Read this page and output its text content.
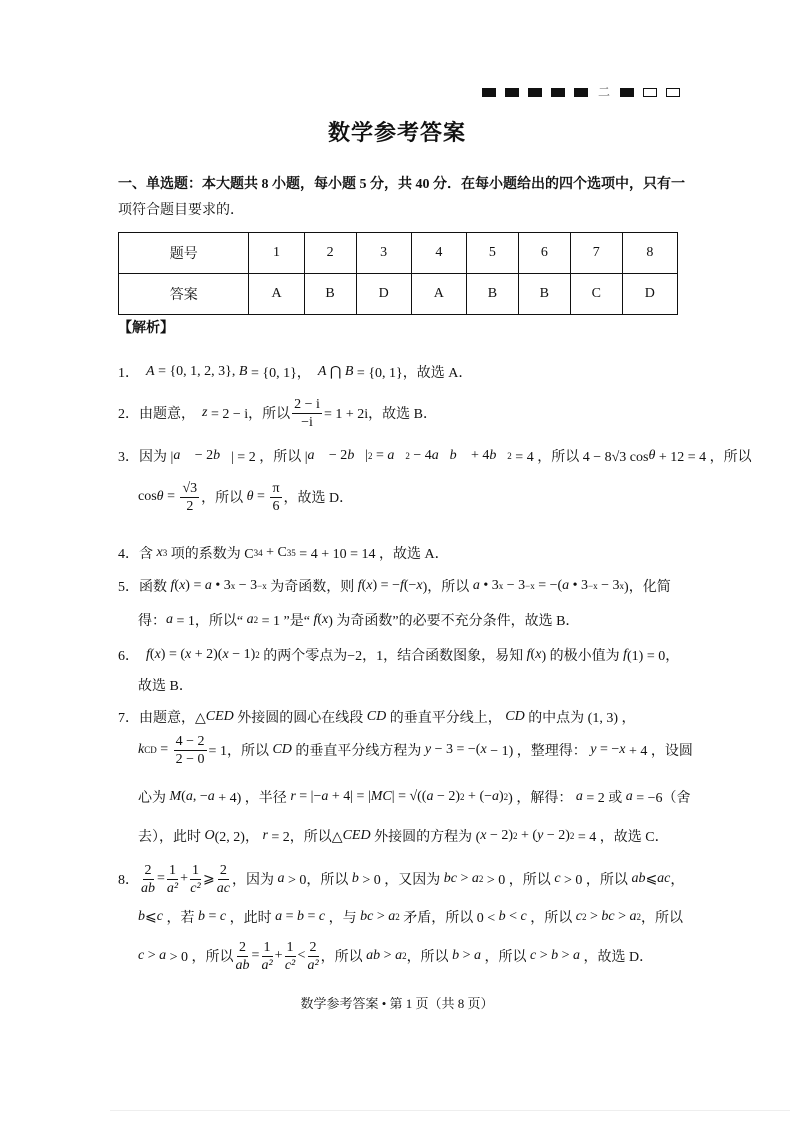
二
数学参考答案
一、单选题：本大题共 8 小题，每小题 5 分，共 40 分．在每小题给出的四个选项中，只有一
项符合题目要求的．
题号	1	2	3	4	5	6	7	8
答案	A	B	D	A	B	B	C	D
【解析】
1． A = {0, 1, 2, 3}, B = {0, 1}， A ⋂ B = {0, 1}，故选 A．
2．由题意， z = 2 − i，所以 $\frac{2 - i}{-i} = 1 + 2i$，故选 B．
3．因为 | a⃗ − 2 b⃗ | = 2 ，所以 | a⃗ − 2 b⃗ | 2 = a⃗ 2 − 4 a⃗b⃗ + 4 b⃗ 2 = 4 ，所以 4 − 8√3 cos θ + 12 = 4 ，所以
$\cos \theta = \frac{√3}{2}$ ，所以 $\theta = \frac{\pi}{6}$ ，故选 D．
4．含 x 3 项的系数为 C 3 4 + C 3 5 = 4 + 10 = 14 ，故选 A．
5．函数 f ( x ) = a • 3 x − 3 −x 为奇函数，则 f ( x ) = − f (− x )，所以 a • 3 x − 3 −x = −( a • 3 −x − 3 x )，化简
得： a = 1，所以“ a 2 = 1 ”是“ f ( x ) 为奇函数”的必要不充分条件，故选 B．
6． f ( x ) = ( x + 2)( x − 1) 2 的两个零点为−2，1，结合函数图象，易知 f ( x ) 的极小值为 f (1) = 0，
故选 B．
7．由题意，△ CED 外接圆的圆心在线段 CD 的垂直平分线上， CD 的中点为 (1, 3) ，
k CD = $\frac{4 - 2}{2 - 0} = 1$，所以 CD 的垂直平分线方程为 y − 3 = −( x − 1) ，整理得： y = − x + 4 ，设圆
心为 M ( a , − a + 4) ，半径 r = |− a + 4| = | MC | = √(( a − 2) 2 + (− a ) 2 ) ，解得： a = 2 或 a = −6（舍
去），此时 O (2, 2)， r = 2，所以△ CED 外接圆的方程为 ( x − 2) 2 + ( y − 2) 2 = 4 ，故选 C．
8． $\frac{2}{ab} = \frac{1}{\text{a²}} + \frac{1}{\text{c²}}$ ⩾ $\frac{2}{ac}$ ，因为 a > 0，所以 b > 0 ，又因为 bc > a 2 > 0 ，所以 c > 0 ，所以 ab ⩽ ac ，
b ⩽ c ，若 b = c ，此时 a = b = c ，与 bc > a 2 矛盾，所以 0 < b < c ，所以 c 2 > bc > a 2 ，所以
c > a > 0 ，所以 $\frac{2}{ab} = \frac{1}{\text{a²}} + \frac{1}{\text{c²}} < \frac{2}{\text{a²}}$ ，所以 ab > a 2 ，所以 b > a ，所以 c > b > a ，故选 D．
数学参考答案 • 第 1 页（共 8 页）
